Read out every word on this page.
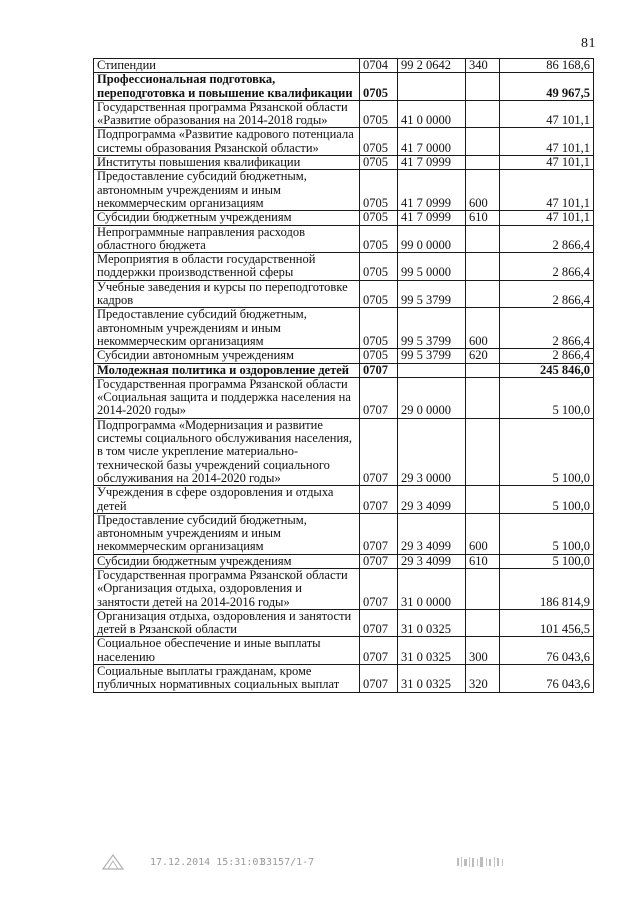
81
Стипендии	0704	99 2 0642	340	86 168,6
Профессиональная подготовка, переподготовка и повышение квалификации	0705			49 967,5
Государственная программа Рязанской области «Развитие образования на 2014-2018 годы»	0705	41 0 0000		47 101,1
Подпрограмма «Развитие кадрового потенциала системы образования Рязанской области»	0705	41 7 0000		47 101,1
Институты повышения квалификации	0705	41 7 0999		47 101,1
Предоставление субсидий бюджетным, автономным учреждениям и иным некоммерческим организациям	0705	41 7 0999	600	47 101,1
Субсидии бюджетным учреждениям	0705	41 7 0999	610	47 101,1
Непрограммные направления расходов областного бюджета	0705	99 0 0000		2 866,4
Мероприятия в области государственной поддержки производственной сферы	0705	99 5 0000		2 866,4
Учебные заведения и курсы по переподготовке кадров	0705	99 5 3799		2 866,4
Предоставление субсидий бюджетным, автономным учреждениям и иным некоммерческим организациям	0705	99 5 3799	600	2 866,4
Субсидии автономным учреждениям	0705	99 5 3799	620	2 866,4
Молодежная политика и оздоровление детей	0707			245 846,0
Государственная программа Рязанской области «Социальная защита и поддержка населения на 2014-2020 годы»	0707	29 0 0000		5 100,0
Подпрограмма «Модернизация и развитие системы социального обслуживания населения, в том числе укрепление материально-технической базы учреждений социального обслуживания на 2014-2020 годы»	0707	29 3 0000		5 100,0
Учреждения в сфере оздоровления и отдыха детей	0707	29 3 4099		5 100,0
Предоставление субсидий бюджетным, автономным учреждениям и иным некоммерческим организациям	0707	29 3 4099	600	5 100,0
Субсидии бюджетным учреждениям	0707	29 3 4099	610	5 100,0
Государственная программа Рязанской области «Организация отдыха, оздоровления и занятости детей на 2014-2016 годы»	0707	31 0 0000		186 814,9
Организация отдыха, оздоровления и занятости детей в Рязанской области	0707	31 0 0325		101 456,5
Социальное обеспечение и иные выплаты населению	0707	31 0 0325	300	76 043,6
Социальные выплаты гражданам, кроме публичных нормативных социальных выплат	0707	31 0 0325	320	76 043,6
17.12.2014 15:31:01
33157/1-7
